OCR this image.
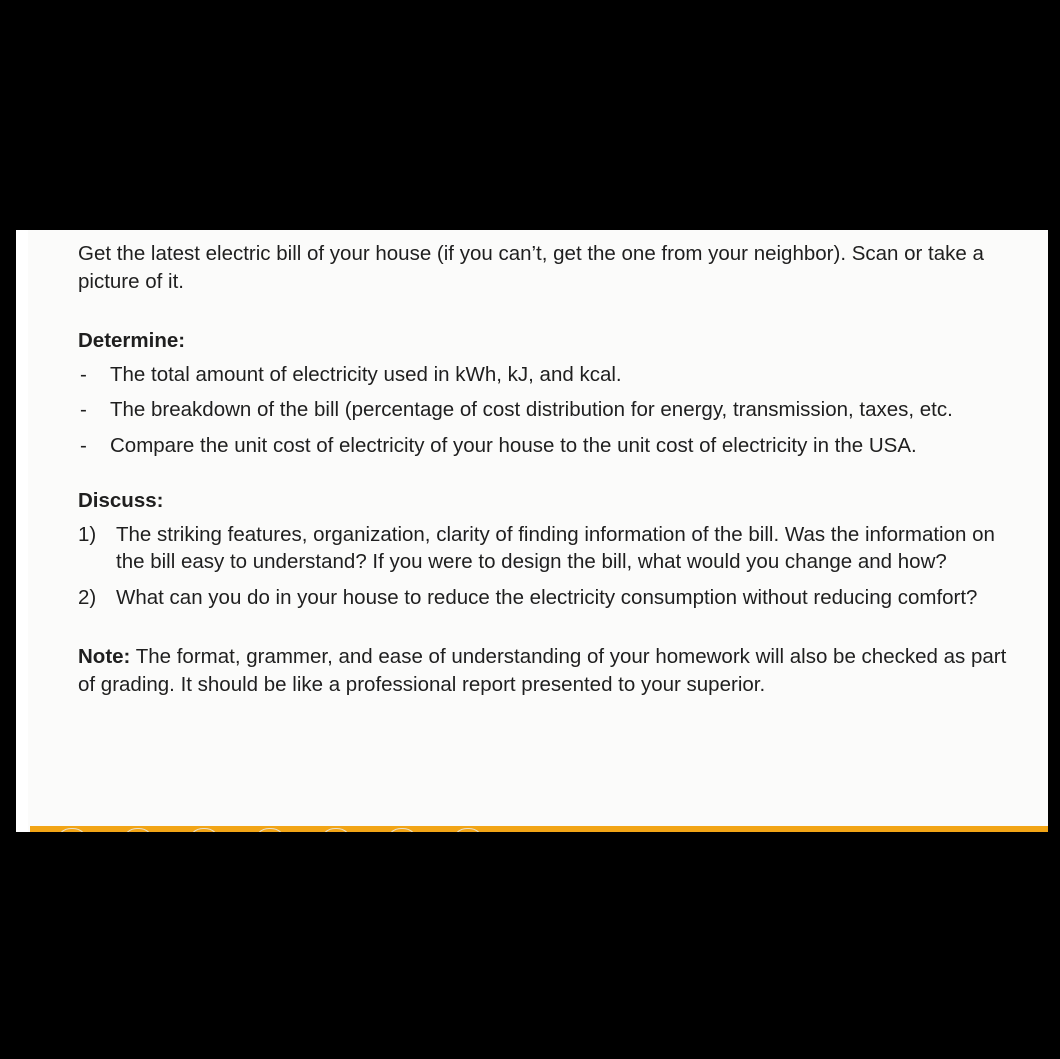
Get the latest electric bill of your house (if you can’t, get the one from your neighbor). Scan or take a picture of it.

Determine:

- The total amount of electricity used in kWh, kJ, and kcal.
- The breakdown of the bill (percentage of cost distribution for energy, transmission, taxes, etc.
- Compare the unit cost of electricity of your house to the unit cost of electricity in the USA.

Discuss:

1) The striking features, organization, clarity of finding information of the bill. Was the information on the bill easy to understand? If you were to design the bill, what would you change and how?
2) What can you do in your house to reduce the electricity consumption without reducing comfort?

Note: The format, grammer, and ease of understanding of your homework will also be checked as part of grading. It should be like a professional report presented to your superior.
